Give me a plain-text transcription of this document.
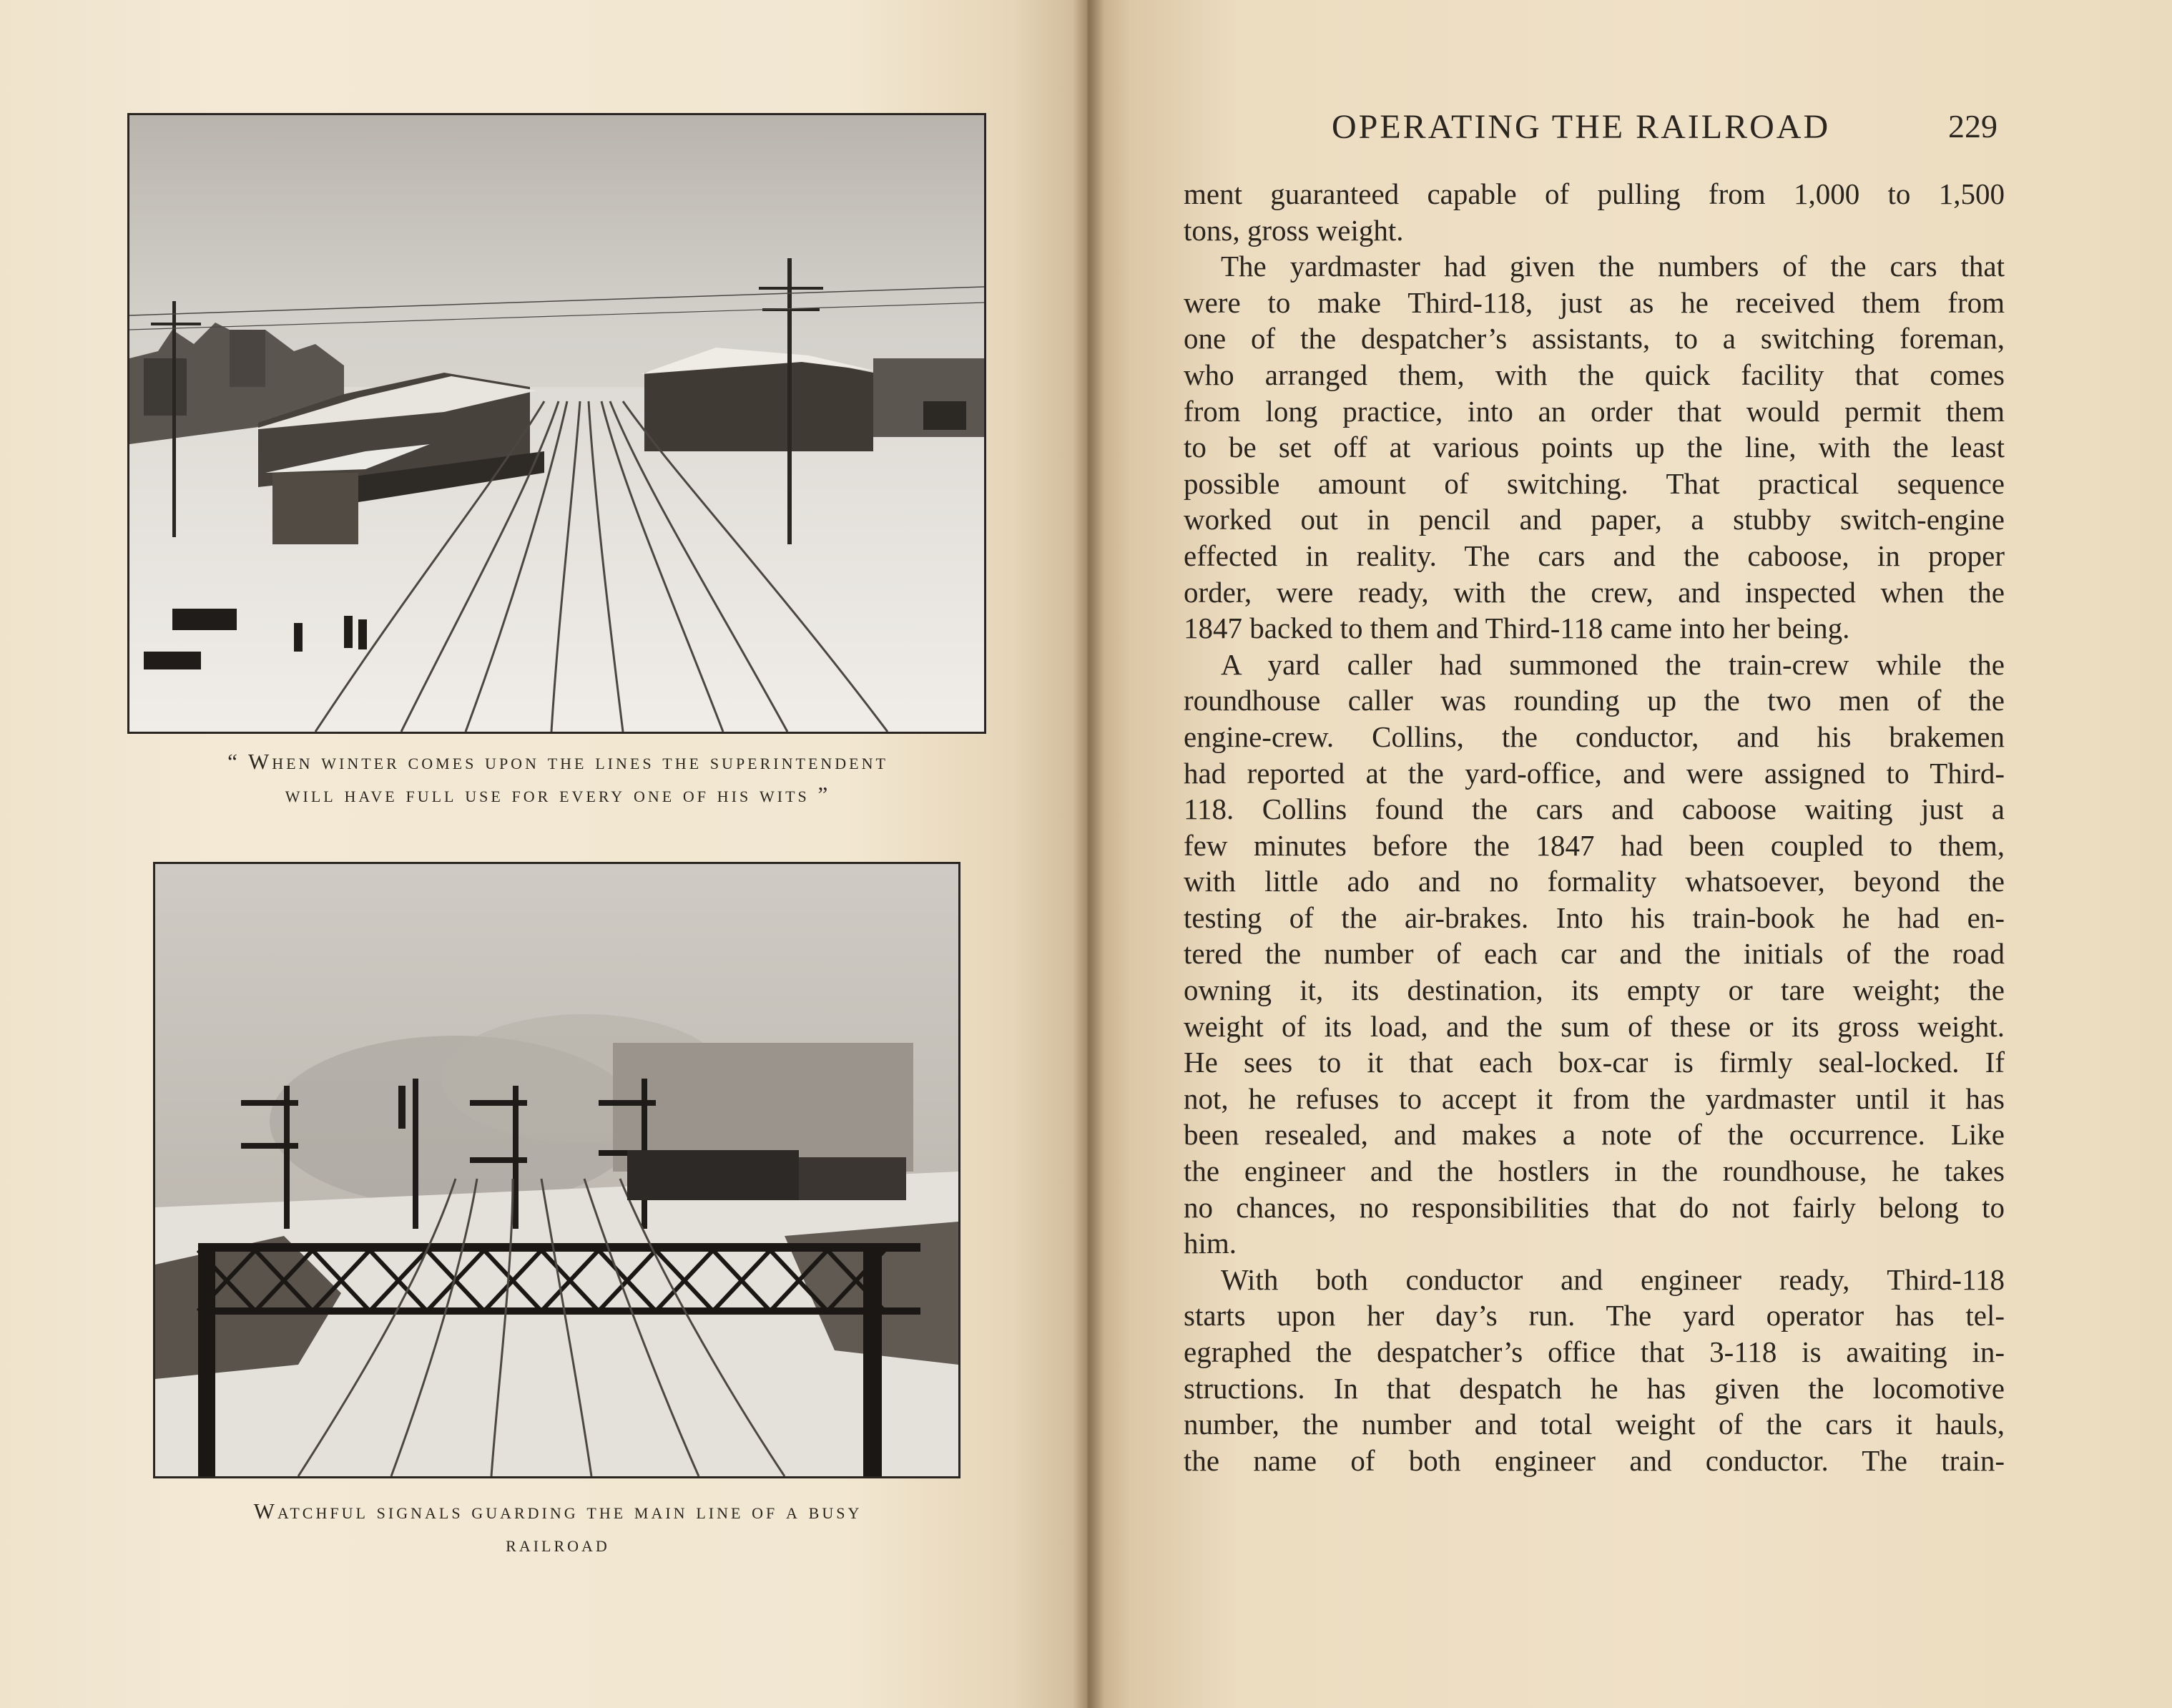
“ When winter comes upon the lines the superintendent
will have full use for every one of his wits ”
Watchful signals guarding the main line of a busy
railroad
OPERATING THE RAILROAD	229
ment guaranteed capable of pulling from 1,000 to 1,500
tons, gross weight.
The yardmaster had given the numbers of the cars that
were to make Third-118, just as he received them from
one of the despatcher’s assistants, to a switching foreman,
who arranged them, with the quick facility that comes
from long practice, into an order that would permit them
to be set off at various points up the line, with the least
possible amount of switching. That practical sequence
worked out in pencil and paper, a stubby switch-engine
effected in reality. The cars and the caboose, in proper
order, were ready, with the crew, and inspected when the
1847 backed to them and Third-118 came into her being.
A yard caller had summoned the train-crew while the
roundhouse caller was rounding up the two men of the
engine-crew. Collins, the conductor, and his brakemen
had reported at the yard-office, and were assigned to Third-
118. Collins found the cars and caboose waiting just a
few minutes before the 1847 had been coupled to them,
with little ado and no formality whatsoever, beyond the
testing of the air-brakes. Into his train-book he had en-
tered the number of each car and the initials of the road
owning it, its destination, its empty or tare weight; the
weight of its load, and the sum of these or its gross weight.
He sees to it that each box-car is firmly seal-locked. If
not, he refuses to accept it from the yardmaster until it has
been resealed, and makes a note of the occurrence. Like
the engineer and the hostlers in the roundhouse, he takes
no chances, no responsibilities that do not fairly belong to
him.
With both conductor and engineer ready, Third-118
starts upon her day’s run. The yard operator has tel-
egraphed the despatcher’s office that 3-118 is awaiting in-
structions. In that despatch he has given the locomotive
number, the number and total weight of the cars it hauls,
the name of both engineer and conductor. The train-
